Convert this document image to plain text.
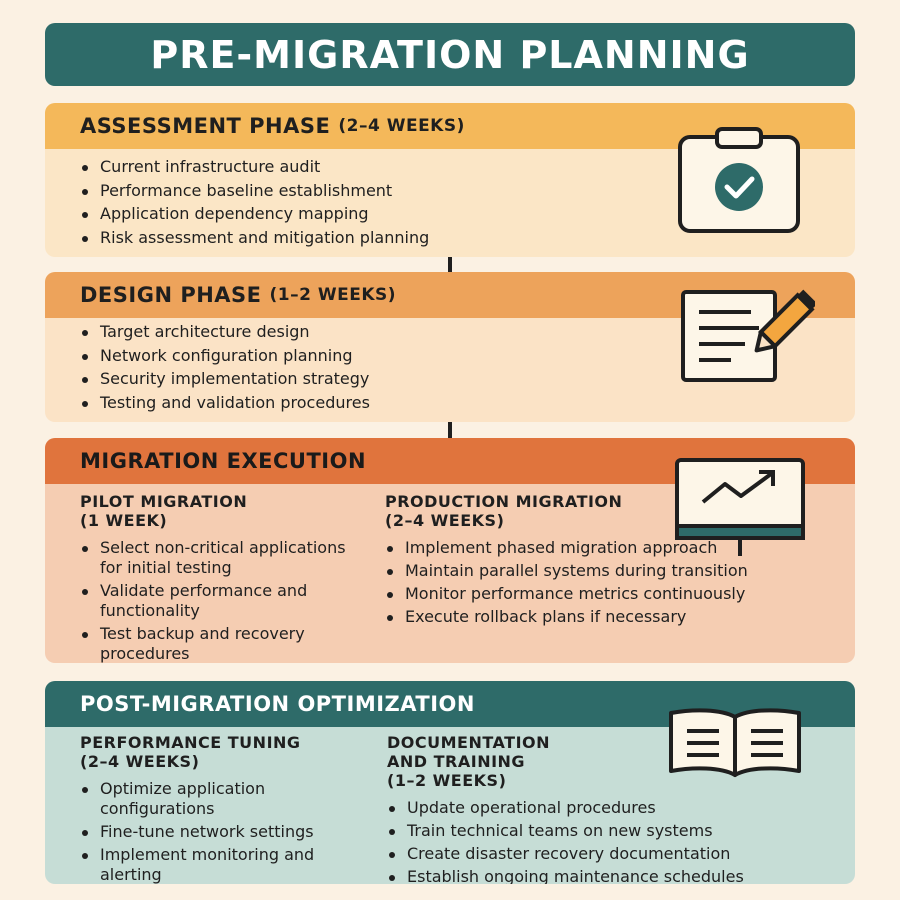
PRE-MIGRATION PLANNING
ASSESSMENT PHASE (2–4 WEEKS)
Current infrastructure audit
Performance baseline establishment
Application dependency mapping
Risk assessment and mitigation planning
DESIGN PHASE (1–2 WEEKS)
Target architecture design
Network configuration planning
Security implementation strategy
Testing and validation procedures
MIGRATION EXECUTION
PILOT MIGRATION
(1 WEEK)
Select non-critical applications for initial testing
Validate performance and functionality
Test backup and recovery procedures
PRODUCTION MIGRATION
(2–4 WEEKS)
Implement phased migration approach
Maintain parallel systems during transition
Monitor performance metrics continuously
Execute rollback plans if necessary
POST-MIGRATION OPTIMIZATION
PERFORMANCE TUNING
(2–4 WEEKS)
Optimize application configurations
Fine-tune network settings
Implement monitoring and alerting
DOCUMENTATION
AND TRAINING
(1–2 WEEKS)
Update operational procedures
Train technical teams on new systems
Create disaster recovery documentation
Establish ongoing maintenance schedules
